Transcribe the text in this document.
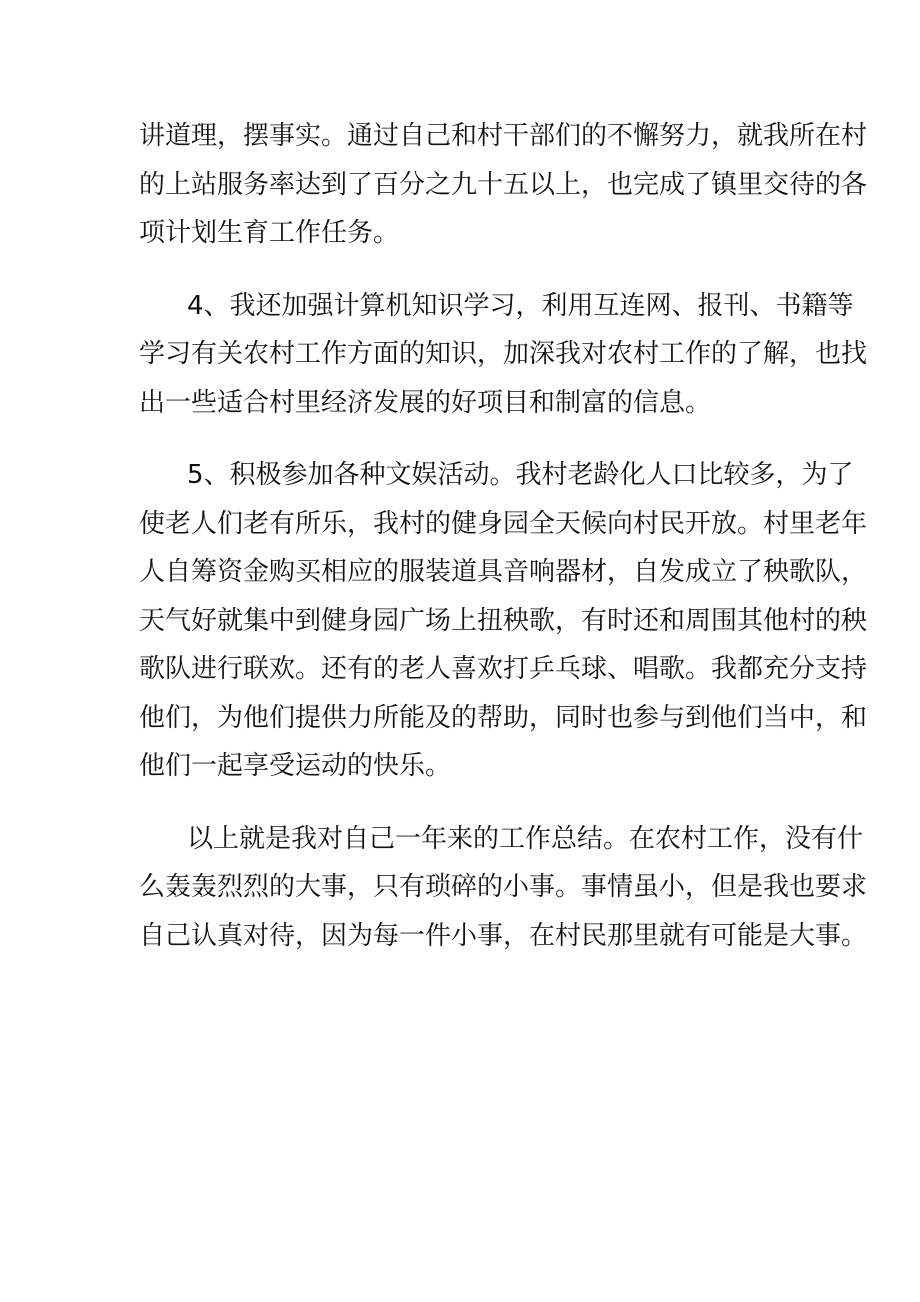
讲道理，摆事实。通过自己和村干部们的不懈努力，就我所在村
的上站服务率达到了百分之九十五以上，也完成了镇里交待的各
项计划生育工作任务。

4、我还加强计算机知识学习，利用互连网、报刊、书籍等
学习有关农村工作方面的知识，加深我对农村工作的了解，也找
出一些适合村里经济发展的好项目和制富的信息。

5、积极参加各种文娱活动。我村老龄化人口比较多，为了
使老人们老有所乐，我村的健身园全天候向村民开放。村里老年
人自筹资金购买相应的服装道具音响器材，自发成立了秧歌队，
天气好就集中到健身园广场上扭秧歌，有时还和周围其他村的秧
歌队进行联欢。还有的老人喜欢打乒乓球、唱歌。我都充分支持
他们，为他们提供力所能及的帮助，同时也参与到他们当中，和
他们一起享受运动的快乐。

以上就是我对自己一年来的工作总结。在农村工作，没有什
么轰轰烈烈的大事，只有琐碎的小事。事情虽小，但是我也要求
自己认真对待，因为每一件小事，在村民那里就有可能是大事。
